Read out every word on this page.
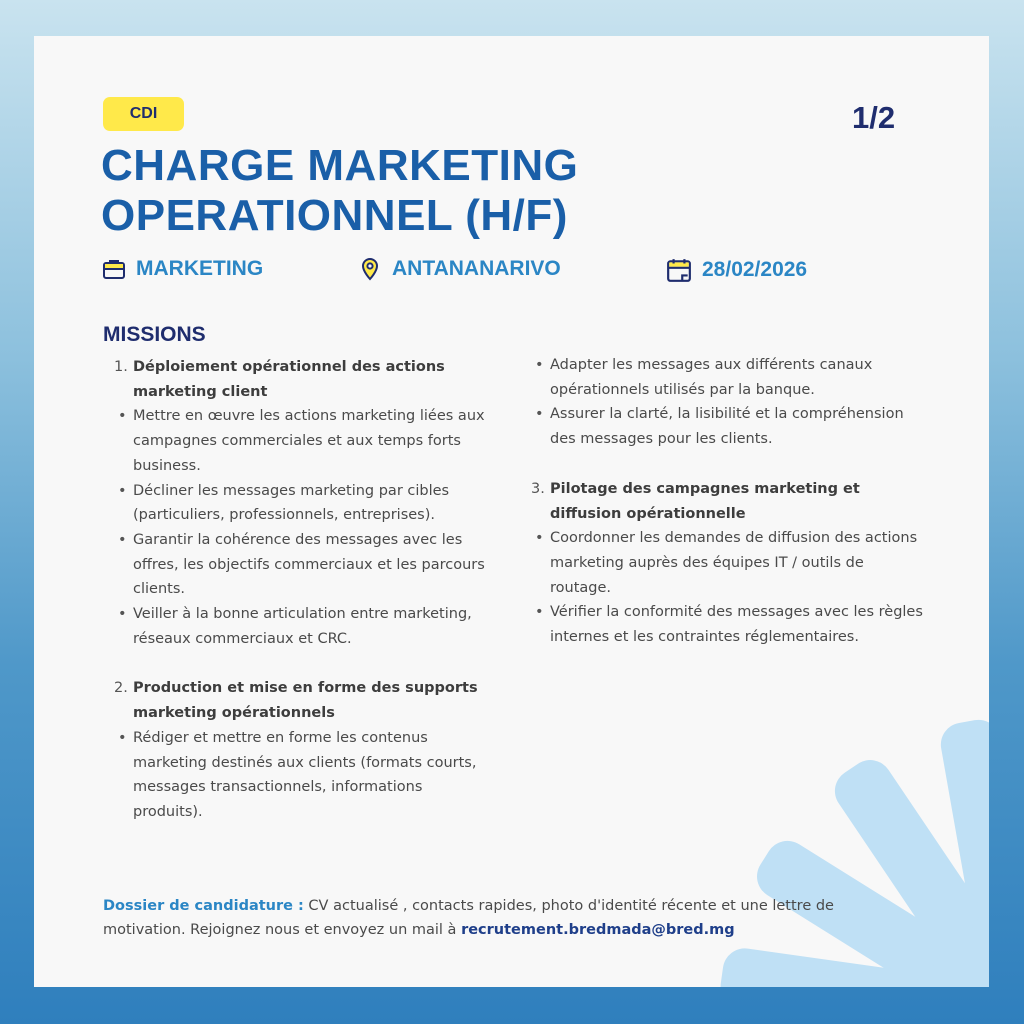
CDI	1/2
CHARGE MARKETING
OPERATIONNEL (H/F)
MARKETING	ANTANANARIVO	28/02/2026
MISSIONS
1. Déploiement opérationnel des actions marketing client
• Mettre en œuvre les actions marketing liées aux campagnes commerciales et aux temps forts business.
• Décliner les messages marketing par cibles (particuliers, professionnels, entreprises).
• Garantir la cohérence des messages avec les offres, les objectifs commerciaux et les parcours clients.
• Veiller à la bonne articulation entre marketing, réseaux commerciaux et CRC.
2. Production et mise en forme des supports marketing opérationnels
• Rédiger et mettre en forme les contenus marketing destinés aux clients (formats courts, messages transactionnels, informations produits).
• Adapter les messages aux différents canaux opérationnels utilisés par la banque.
• Assurer la clarté, la lisibilité et la compréhension des messages pour les clients.
3. Pilotage des campagnes marketing et diffusion opérationnelle
• Coordonner les demandes de diffusion des actions marketing auprès des équipes IT / outils de routage.
• Vérifier la conformité des messages avec les règles internes et les contraintes réglementaires.
Dossier de candidature : CV actualisé , contacts rapides, photo d'identité récente et une lettre de motivation. Rejoignez nous et envoyez un mail à recrutement.bredmada@bred.mg
